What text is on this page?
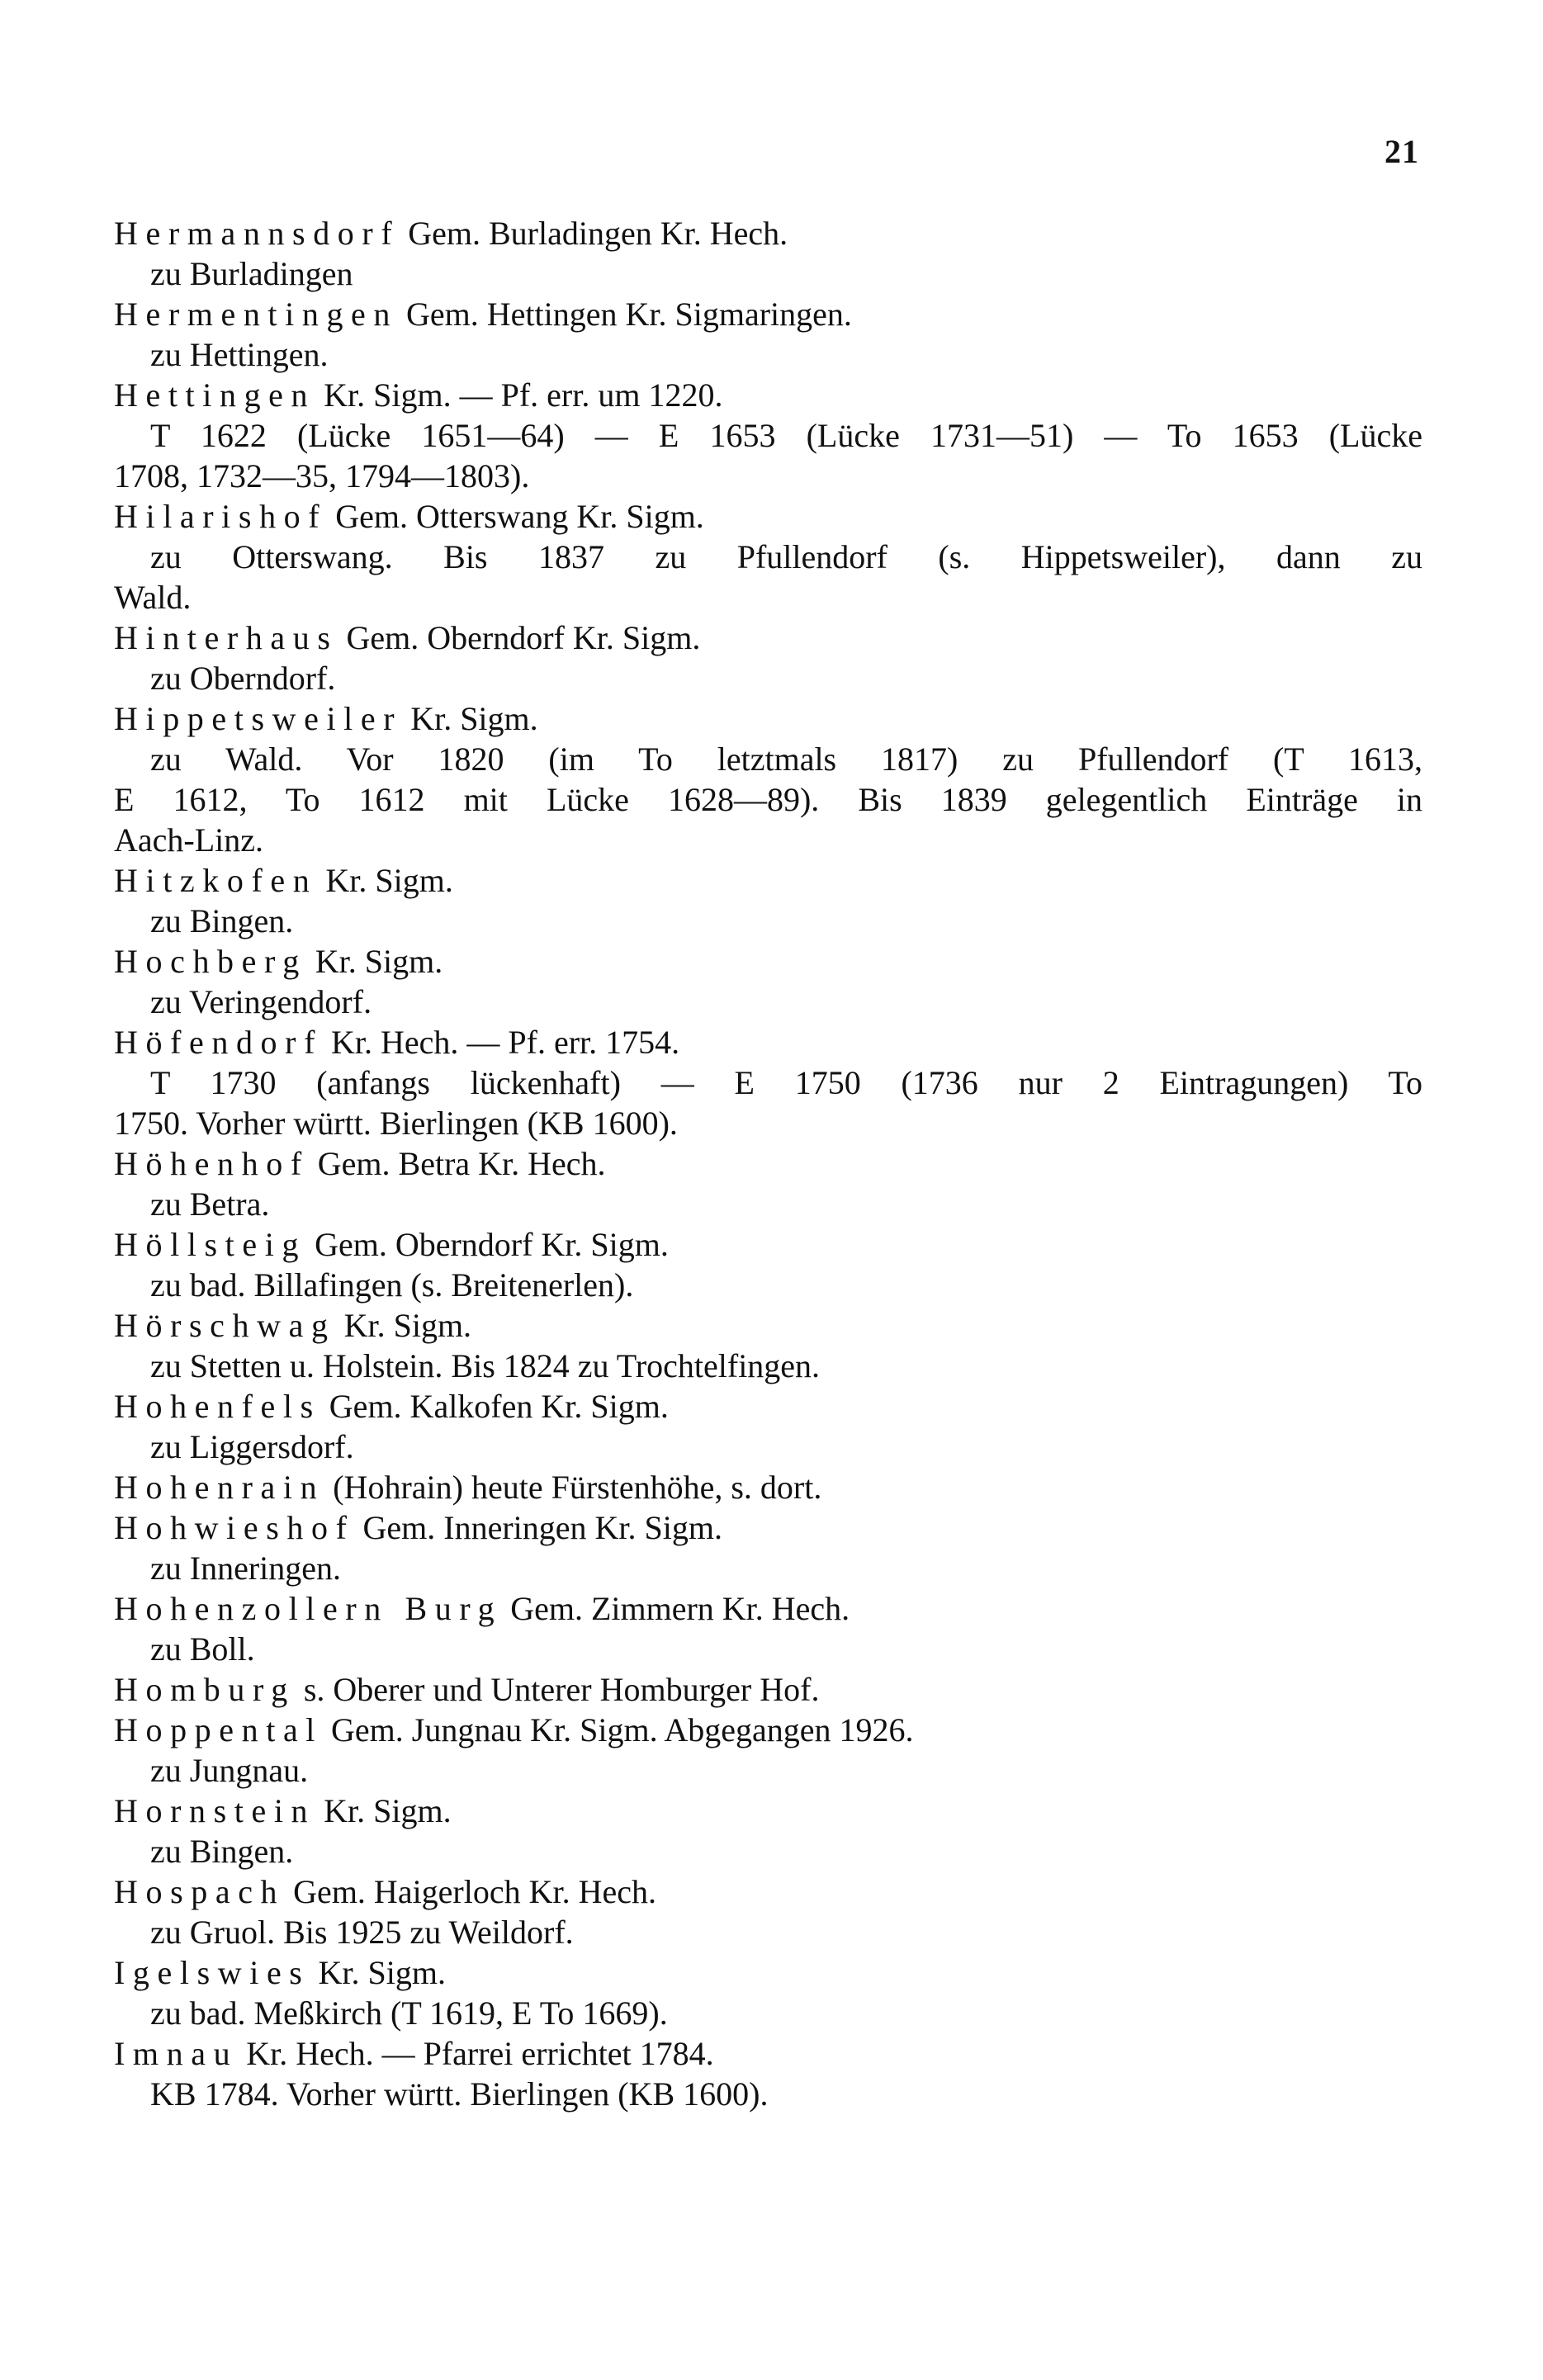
21
Hermannsdorf Gem. Burladingen Kr. Hech.
zu Burladingen
Hermentingen Gem. Hettingen Kr. Sigmaringen.
zu Hettingen.
Hettingen Kr. Sigm. — Pf. err. um 1220.
T 1622 (Lücke 1651—64) — E 1653 (Lücke 1731—51) — To 1653 (Lücke
1708, 1732—35, 1794—1803).
Hilarishof Gem. Otterswang Kr. Sigm.
zu Otterswang. Bis 1837 zu Pfullendorf (s. Hippetsweiler), dann zu
Wald.
Hinterhaus Gem. Oberndorf Kr. Sigm.
zu Oberndorf.
Hippetsweiler Kr. Sigm.
zu Wald. Vor 1820 (im To letztmals 1817) zu Pfullendorf (T 1613,
E 1612, To 1612 mit Lücke 1628—89). Bis 1839 gelegentlich Einträge in
Aach-Linz.
Hitzkofen Kr. Sigm.
zu Bingen.
Hochberg Kr. Sigm.
zu Veringendorf.
Höfendorf Kr. Hech. — Pf. err. 1754.
T 1730 (anfangs lückenhaft) — E 1750 (1736 nur 2 Eintragungen) To
1750. Vorher württ. Bierlingen (KB 1600).
Höhenhof Gem. Betra Kr. Hech.
zu Betra.
Höllsteig Gem. Oberndorf Kr. Sigm.
zu bad. Billafingen (s. Breitenerlen).
Hörschwag Kr. Sigm.
zu Stetten u. Holstein. Bis 1824 zu Trochtelfingen.
Hohenfels Gem. Kalkofen Kr. Sigm.
zu Liggersdorf.
Hohenrain (Hohrain) heute Fürstenhöhe, s. dort.
Hohwieshof Gem. Inneringen Kr. Sigm.
zu Inneringen.
Hohenzollern Burg Gem. Zimmern Kr. Hech.
zu Boll.
Homburg s. Oberer und Unterer Homburger Hof.
Hoppental Gem. Jungnau Kr. Sigm. Abgegangen 1926.
zu Jungnau.
Hornstein Kr. Sigm.
zu Bingen.
Hospach Gem. Haigerloch Kr. Hech.
zu Gruol. Bis 1925 zu Weildorf.
Igelswies Kr. Sigm.
zu bad. Meßkirch (T 1619, E To 1669).
Imnau Kr. Hech. — Pfarrei errichtet 1784.
KB 1784. Vorher württ. Bierlingen (KB 1600).
